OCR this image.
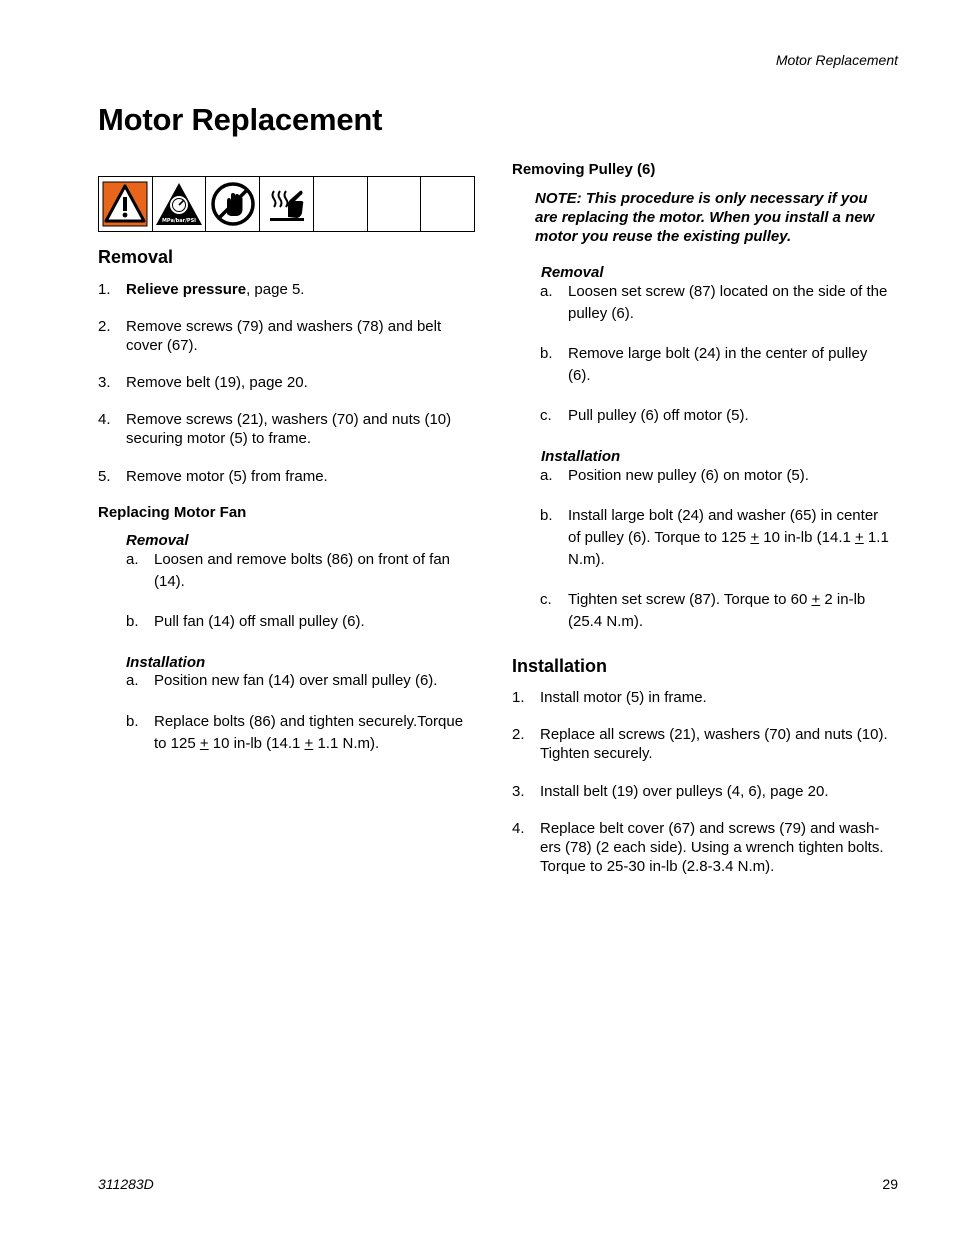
Motor Replacement
Motor Replacement
MPa/bar/PSI
Removal
1. Relieve pressure, page 5.
2. Remove screws (79) and washers (78) and belt
cover (67).
3. Remove belt (19), page 20.
4. Remove screws (21), washers (70) and nuts (10)
securing motor (5) to frame.
5. Remove motor (5) from frame.
Replacing Motor Fan
Removal
a. Loosen and remove bolts (86) on front of fan
(14).
b. Pull fan (14) off small pulley (6).
Installation
a. Position new fan (14) over small pulley (6).
b. Replace bolts (86) and tighten securely.Torque
to 125 + 10 in-lb (14.1 + 1.1 N.m).
Removing Pulley (6)
NOTE: This procedure is only necessary if you
are replacing the motor. When you install a new
motor you reuse the existing pulley.
Removal
a. Loosen set screw (87) located on the side of the
pulley (6).
b. Remove large bolt (24) in the center of pulley
(6).
c. Pull pulley (6) off motor (5).
Installation
a. Position new pulley (6) on motor (5).
b. Install large bolt (24) and washer (65) in center
of pulley (6). Torque to 125 + 10 in-lb (14.1 + 1.1
N.m).
c. Tighten set screw (87). Torque to 60 + 2 in-lb
(25.4 N.m).
Installation
1. Install motor (5) in frame.
2. Replace all screws (21), washers (70) and nuts (10).
Tighten securely.
3. Install belt (19) over pulleys (4, 6), page 20.
4. Replace belt cover (67) and screws (79) and wash-
ers (78) (2 each side). Using a wrench tighten bolts.
Torque to 25-30 in-lb (2.8-3.4 N.m).
311283D	29
